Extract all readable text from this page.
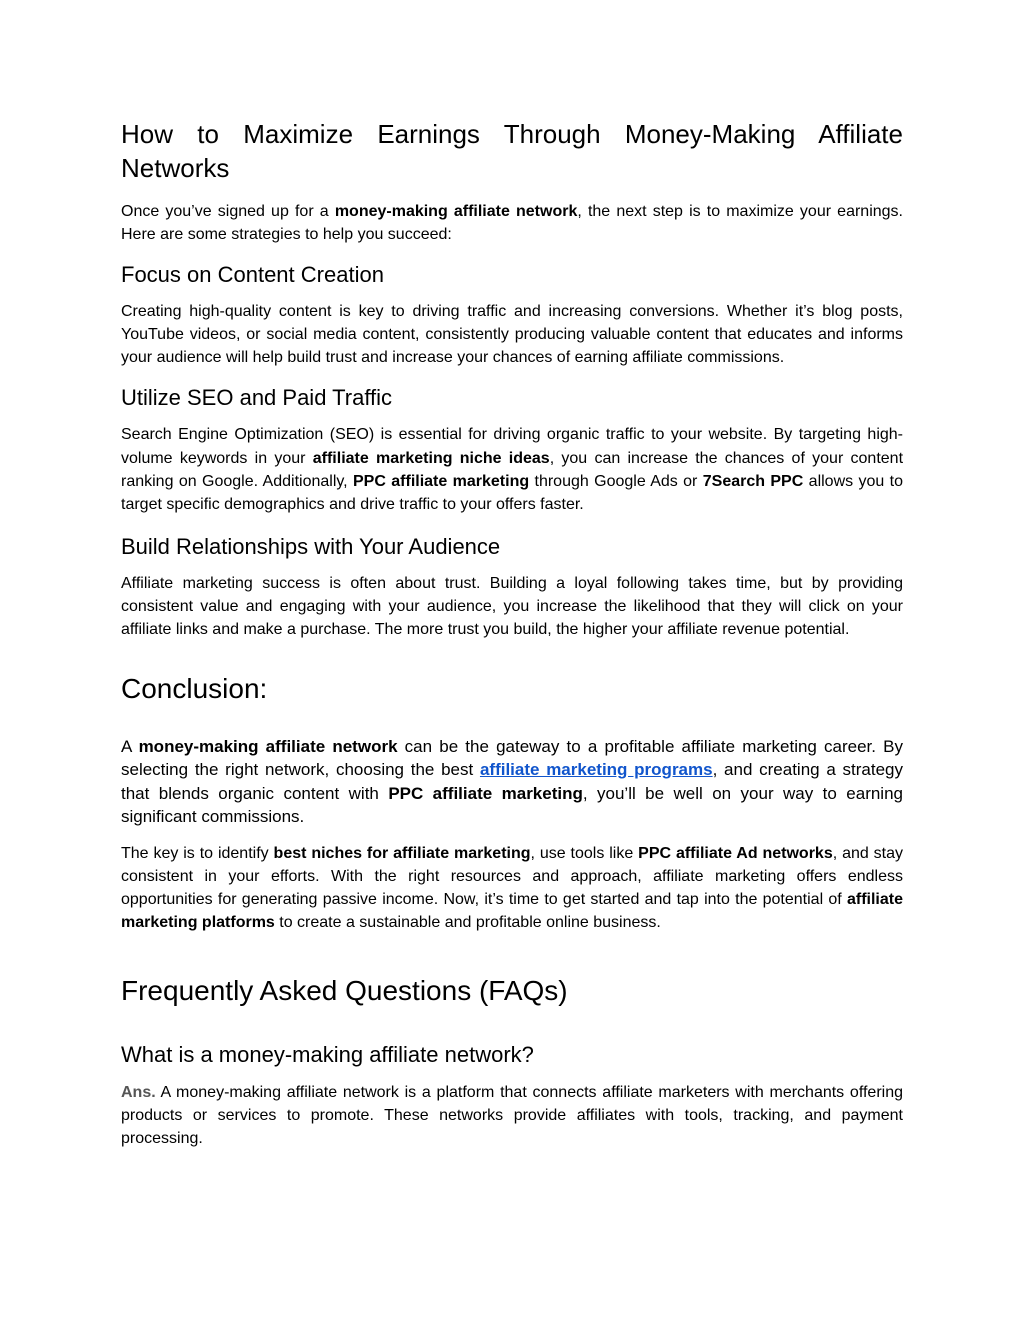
How to Maximize Earnings Through Money-Making Affiliate Networks

Once you’ve signed up for a money-making affiliate network, the next step is to maximize your earnings. Here are some strategies to help you succeed:

Focus on Content Creation

Creating high-quality content is key to driving traffic and increasing conversions. Whether it’s blog posts, YouTube videos, or social media content, consistently producing valuable content that educates and informs your audience will help build trust and increase your chances of earning affiliate commissions.

Utilize SEO and Paid Traffic

Search Engine Optimization (SEO) is essential for driving organic traffic to your website. By targeting high-volume keywords in your affiliate marketing niche ideas, you can increase the chances of your content ranking on Google. Additionally, PPC affiliate marketing through Google Ads or 7Search PPC allows you to target specific demographics and drive traffic to your offers faster.

Build Relationships with Your Audience

Affiliate marketing success is often about trust. Building a loyal following takes time, but by providing consistent value and engaging with your audience, you increase the likelihood that they will click on your affiliate links and make a purchase. The more trust you build, the higher your affiliate revenue potential.

Conclusion:

A money-making affiliate network can be the gateway to a profitable affiliate marketing career. By selecting the right network, choosing the best affiliate marketing programs, and creating a strategy that blends organic content with PPC affiliate marketing, you’ll be well on your way to earning significant commissions.

The key is to identify best niches for affiliate marketing, use tools like PPC affiliate Ad networks, and stay consistent in your efforts. With the right resources and approach, affiliate marketing offers endless opportunities for generating passive income. Now, it’s time to get started and tap into the potential of affiliate marketing platforms to create a sustainable and profitable online business.

Frequently Asked Questions (FAQs)
What is a money-making affiliate network?

Ans. A money-making affiliate network is a platform that connects affiliate marketers with merchants offering products or services to promote. These networks provide affiliates with tools, tracking, and payment processing.
